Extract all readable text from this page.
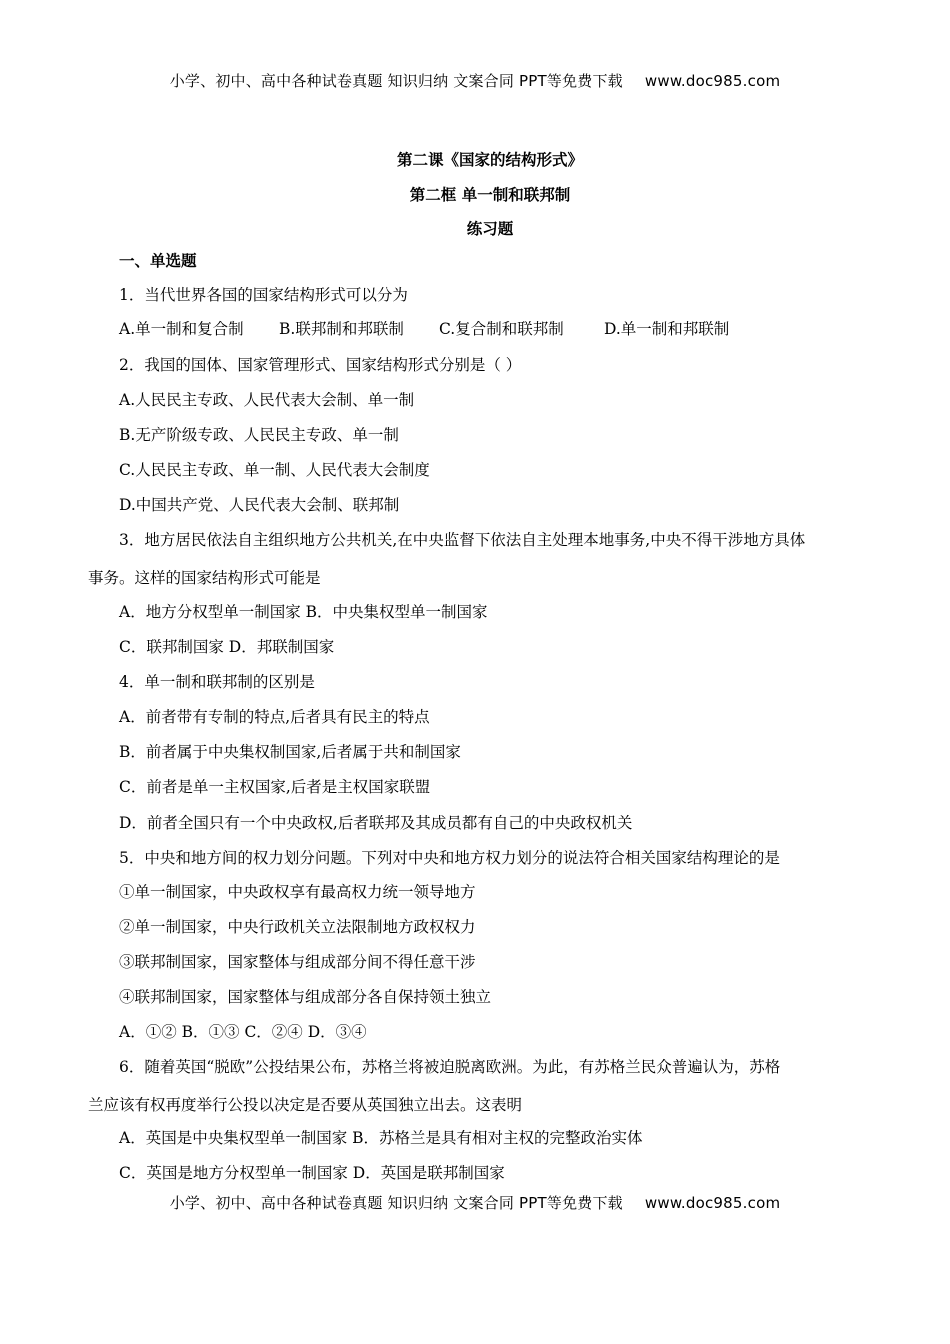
小学、初中、高中各种试卷真题 知识归纳 文案合同 PPT等免费下载 www.doc985.com
第二课《国家的结构形式》
第二框 单一制和联邦制
练习题
一、单选题
1．当代世界各国的国家结构形式可以分为
A.单一制和复合制 B.联邦制和邦联制 C.复合制和联邦制	D.单一制和邦联制
2．我国的国体、国家管理形式、国家结构形式分别是（ ）
A.人民民主专政、人民代表大会制、单一制
B.无产阶级专政、人民民主专政、单一制
C.人民民主专政、单一制、人民代表大会制度
D.中国共产党、人民代表大会制、联邦制
3．地方居民依法自主组织地方公共机关,在中央监督下依法自主处理本地事务,中央不得干涉地方具体
事务。这样的国家结构形式可能是
A．地方分权型单一制国家 B．中央集权型单一制国家
C．联邦制国家 D．邦联制国家
4．单一制和联邦制的区别是
A．前者带有专制的特点,后者具有民主的特点
B．前者属于中央集权制国家,后者属于共和制国家
C．前者是单一主权国家,后者是主权国家联盟
D．前者全国只有一个中央政权,后者联邦及其成员都有自己的中央政权机关
5．中央和地方间的权力划分问题。下列对中央和地方权力划分的说法符合相关国家结构理论的是
①单一制国家，中央政权享有最高权力统一领导地方
②单一制国家，中央行政机关立法限制地方政权权力
③联邦制国家，国家整体与组成部分间不得任意干涉
④联邦制国家，国家整体与组成部分各自保持领土独立
A．①② B．①③ C．②④ D．③④
6．随着英国“脱欧”公投结果公布，苏格兰将被迫脱离欧洲。为此，有苏格兰民众普遍认为，苏格
兰应该有权再度举行公投以决定是否要从英国独立出去。这表明
A．英国是中央集权型单一制国家 B．苏格兰是具有相对主权的完整政治实体
C．英国是地方分权型单一制国家 D．英国是联邦制国家
小学、初中、高中各种试卷真题 知识归纳 文案合同 PPT等免费下载 www.doc985.com
